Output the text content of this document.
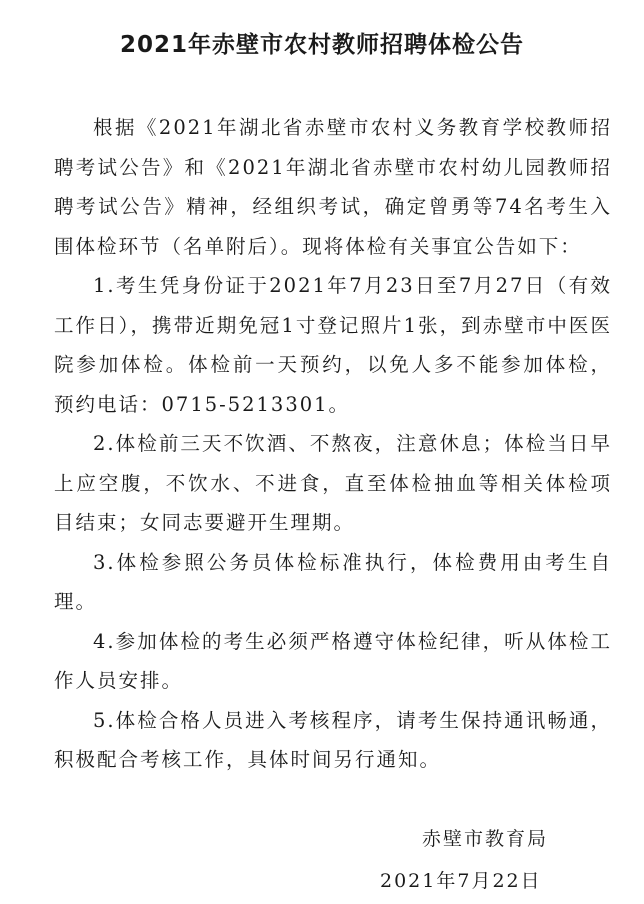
2021年赤壁市农村教师招聘体检公告

根据《2021年湖北省赤壁市农村义务教育学校教师招聘考试公告》和《2021年湖北省赤壁市农村幼儿园教师招聘考试公告》精神，经组织考试，确定曾勇等74名考生入围体检环节（名单附后）。现将体检有关事宜公告如下：

1.考生凭身份证于2021年7月23日至7月27日（有效工作日），携带近期免冠1寸登记照片1张，到赤壁市中医医院参加体检。体检前一天预约，以免人多不能参加体检，预约电话：0715-5213301。

2.体检前三天不饮酒、不熬夜，注意休息；体检当日早上应空腹，不饮水、不进食，直至体检抽血等相关体检项目结束；女同志要避开生理期。

3.体检参照公务员体检标准执行，体检费用由考生自理。

4.参加体检的考生必须严格遵守体检纪律，听从体检工作人员安排。

5.体检合格人员进入考核程序，请考生保持通讯畅通，积极配合考核工作，具体时间另行通知。

赤壁市教育局
2021年7月22日
